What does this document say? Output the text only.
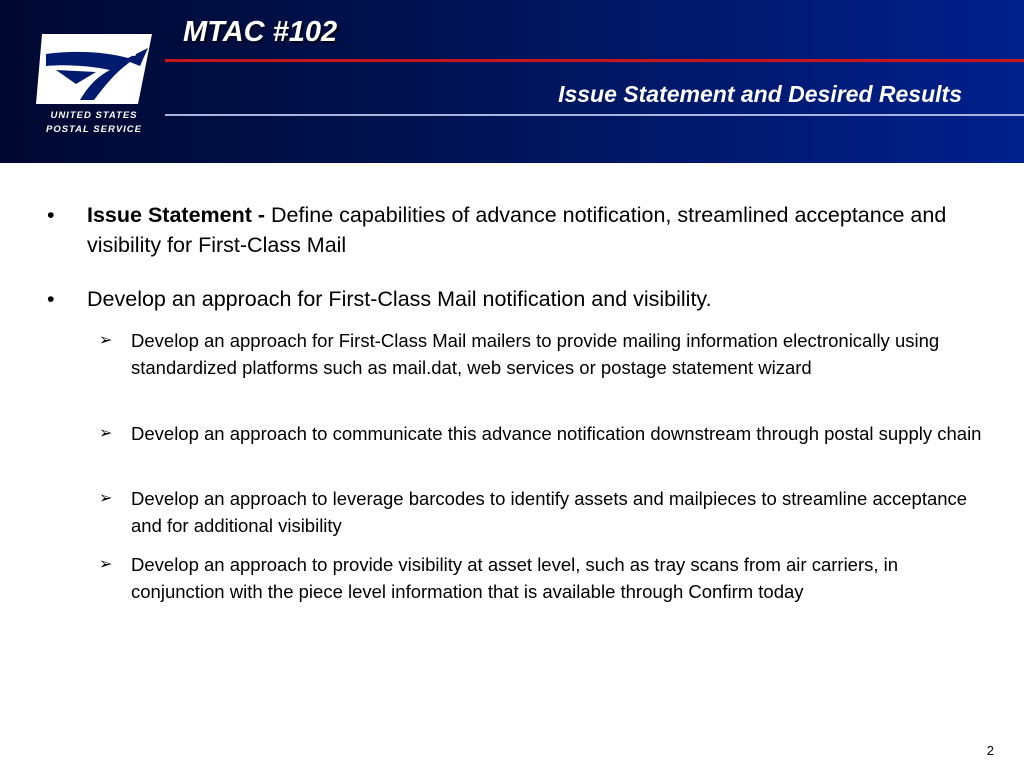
UNITED STATES
POSTAL SERVICE
MTAC #102
Issue Statement and Desired Results
• Issue Statement - Define capabilities of advance notification, streamlined acceptance and visibility for First-Class Mail
• Develop an approach for First-Class Mail notification and visibility.
➢ Develop an approach for First-Class Mail mailers to provide mailing information electronically using standardized platforms such as mail.dat, web services or postage statement wizard
➢ Develop an approach to communicate this advance notification downstream through postal supply chain
➢ Develop an approach to leverage barcodes to identify assets and mailpieces to streamline acceptance and for additional visibility
➢ Develop an approach to provide visibility at asset level, such as tray scans from air carriers, in conjunction with the piece level information that is available through Confirm today
2
